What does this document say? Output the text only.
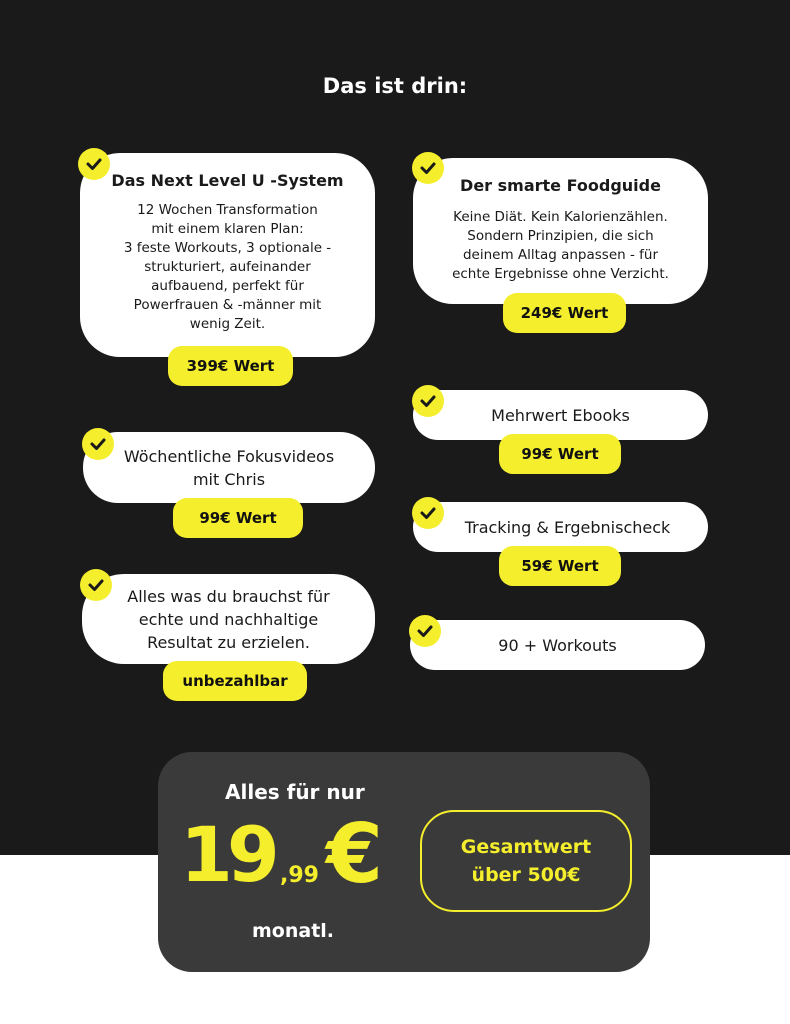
Das ist drin:
Das Next Level U -System
12 Wochen Transformation
mit einem klaren Plan:
3 feste Workouts, 3 optionale -
strukturiert, aufeinander
aufbauend, perfekt für
Powerfrauen & -männer mit
wenig Zeit.
399€ Wert
Der smarte Foodguide
Keine Diät. Kein Kalorienzählen.
Sondern Prinzipien, die sich
deinem Alltag anpassen - für
echte Ergebnisse ohne Verzicht.
249€ Wert
Mehrwert Ebooks
99€ Wert
Wöchentliche Fokusvideos
mit Chris
99€ Wert	Tracking & Ergebnischeck
59€ Wert
Alles was du brauchst für
echte und nachhaltige
Resultat zu erzielen.
unbezahlbar
90 + Workouts
Alles für nur
19 ,99 €
monatl.
Gesamtwert
über 500€
